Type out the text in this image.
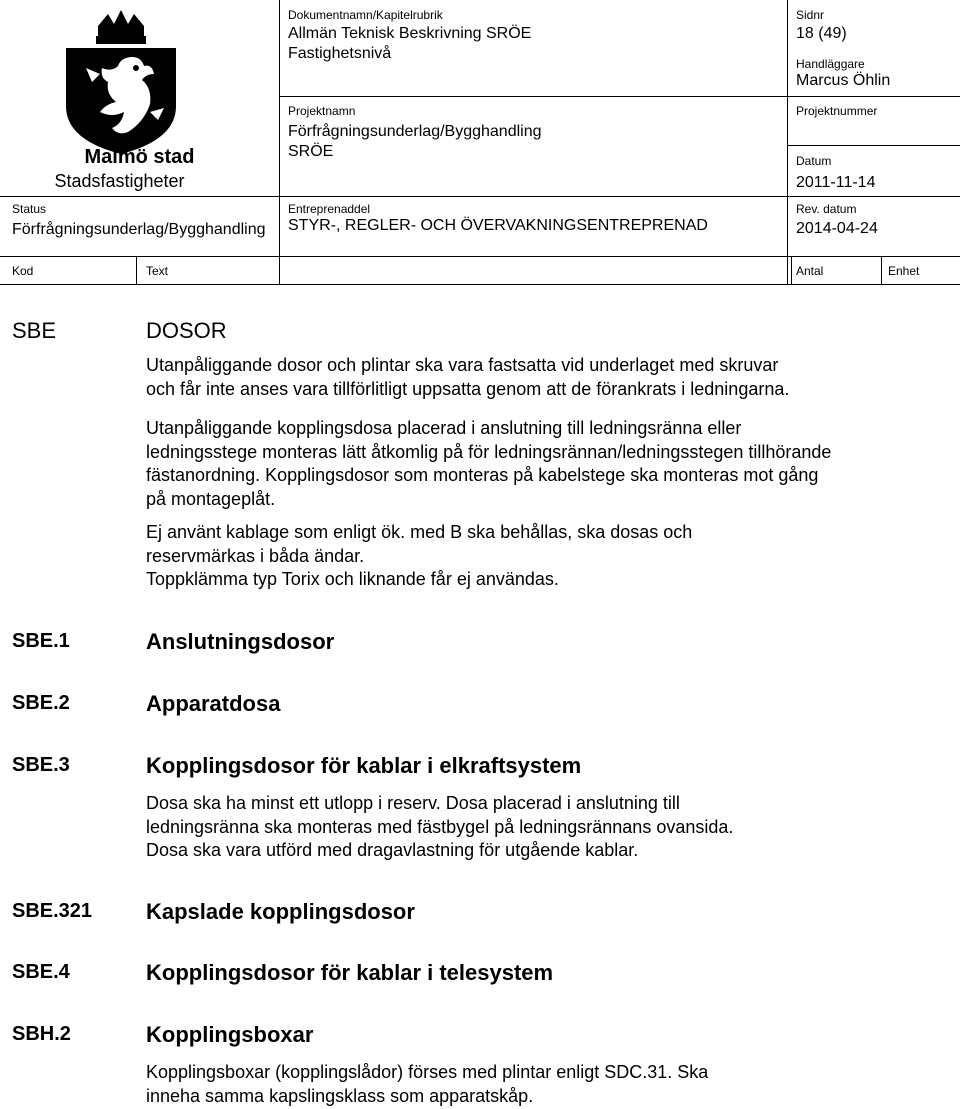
Malmö stad
Stadsfastigheter
Dokumentnamn/Kapitelrubrik
Allmän Teknisk Beskrivning SRÖE
Fastighetsnivå
Sidnr
18 (49)
Handläggare
Marcus Öhlin
Projektnamn
Förfrågningsunderlag/Bygghandling
SRÖE
Projektnummer
Datum
2011-11-14
Status
Förfrågningsunderlag/Bygghandling
Entreprenaddel
STYR-, REGLER- OCH ÖVERVAKNINGSENTREPRENAD
Rev. datum
2014-04-24
Kod	Text	Antal	Enhet
SBE	DOSOR
Utanpåliggande dosor och plintar ska vara fastsatta vid underlaget med skruvar
och får inte anses vara tillförlitligt uppsatta genom att de förankrats i ledningarna.
Utanpåliggande kopplingsdosa placerad i anslutning till ledningsränna eller
ledningsstege monteras lätt åtkomlig på för ledningsrännan/ledningsstegen tillhörande
fästanordning. Kopplingsdosor som monteras på kabelstege ska monteras mot gång
på montageplåt.
Ej använt kablage som enligt ök. med B ska behållas, ska dosas och
reservmärkas i båda ändar.
Toppklämma typ Torix och liknande får ej användas.
SBE.1	Anslutningsdosor
SBE.2	Apparatdosa
SBE.3	Kopplingsdosor för kablar i elkraftsystem
Dosa ska ha minst ett utlopp i reserv. Dosa placerad i anslutning till
ledningsränna ska monteras med fästbygel på ledningsrännans ovansida.
Dosa ska vara utförd med dragavlastning för utgående kablar.
SBE.321 Kapslade kopplingsdosor
SBE.4	Kopplingsdosor för kablar i telesystem
SBH.2	Kopplingsboxar
Kopplingsboxar (kopplingslådor) förses med plintar enligt SDC.31. Ska
inneha samma kapslingsklass som apparatskåp.
